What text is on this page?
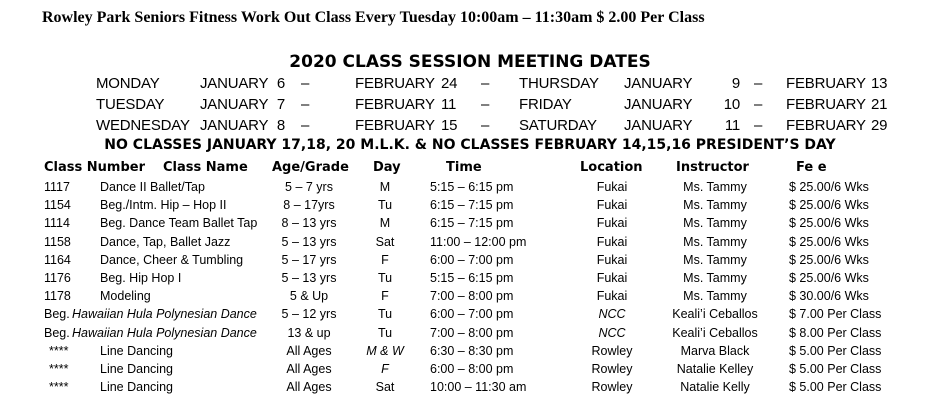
Rowley Park Seniors Fitness Work Out Class Every Tuesday 10:00am – 11:30am $ 2.00 Per Class
2020 CLASS SESSION MEETING DATES
MONDAY	JANUARY 6 –	FEBRUARY 24 – THURSDAY JANUARY	9 – FEBRUARY 13
TUESDAY JANUARY 7 –	FEBRUARY 11 – FRIDAY	JANUARY 10 – FEBRUARY 21
WEDNESDAY JANUARY 8 –	FEBRUARY 15 – SATURDAY JANUARY 11 – FEBRUARY 29
NO CLASSES JANUARY 17,18, 20 M.L.K. & NO CLASSES FEBRUARY 14,15,16 PRESIDENT’S DAY
Class Number Class Name Age/Grade Day	Time	Location	Instructor	Fe e
1117 Dance II Ballet/Tap	5 – 7 yrs	M	5:15 – 6:15 pm	Fukai	Ms. Tammy	$ 25.00/6 Wks
1154 Beg./Intm. Hip – Hop II	8 – 17yrs	Tu	6:15 – 7:15 pm	Fukai	Ms. Tammy	$ 25.00/6 Wks
1114 Beg. Dance Team Ballet Tap 8 – 13 yrs	M	6:15 – 7:15 pm	Fukai	Ms. Tammy	$ 25.00/6 Wks
1158 Dance, Tap, Ballet Jazz	5 – 13 yrs	Sat	11:00 – 12:00 pm	Fukai	Ms. Tammy	$ 25.00/6 Wks
1164 Dance, Cheer & Tumbling	5 – 17 yrs	F	6:00 – 7:00 pm	Fukai	Ms. Tammy	$ 25.00/6 Wks
1176 Beg. Hip Hop I	5 – 13 yrs	Tu	5:15 – 6:15 pm	Fukai	Ms. Tammy	$ 25.00/6 Wks
1178 Modeling	5 & Up	F	7:00 – 8:00 pm	Fukai	Ms. Tammy	$ 30.00/6 Wks
Beg. Hawaiian Hula Polynesian Dance 5 – 12 yrs	Tu	6:00 – 7:00 pm	NCC	Keali’i Ceballos	$ 7.00 Per Class
Beg. Hawaiian Hula Polynesian Dance 13 & up	Tu	7:00 – 8:00 pm	NCC	Keali’i Ceballos	$ 8.00 Per Class
****	Line Dancing	All Ages	M & W 6:30 – 8:30 pm	Rowley	Marva Black	$ 5.00 Per Class
****	Line Dancing	All Ages	F	6:00 – 8:00 pm	Rowley	Natalie Kelley	$ 5.00 Per Class
****	Line Dancing	All Ages	Sat	10:00 – 11:30 am	Rowley	Natalie Kelly	$ 5.00 Per Class
